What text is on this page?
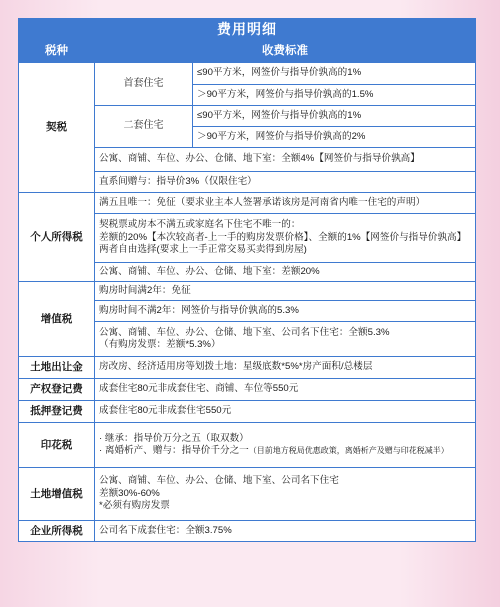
费用明细
税种	收费标准	
契税	首套住宅	≤90平方米，网签价与指导价孰高的1%
		＞90平方米，网签价与指导价孰高的1.5%
	二套住宅	≤90平方米，网签价与指导价孰高的1%
		＞90平方米，网签价与指导价孰高的2%
	公寓、商铺、车位、办公、仓储、地下室：全额4%【网签价与指导价孰高】	
	直系间赠与：指导价3%（仅限住宅）	
个人所得税	满五且唯一：免征（要求业主本人签署承诺该房是河南省内唯一住宅的声明）	
	契税票或房本不满五或家庭名下住宅不唯一的：
差额的20%【本次较高者-上一手的购房发票价格】、全额的1%【网签价与指导价孰高】两者自由选择(要求上一手正常交易买卖得到房屋)	
	公寓、商铺、车位、办公、仓储、地下室：差额20%	
增值税	购房时间满2年：免征	
	购房时间不满2年：网签价与指导价孰高的5.3%	
	公寓、商铺、车位、办公、仓储、地下室、公司名下住宅：全额5.3%
（有购房发票：差额*5.3%）	
土地出让金	房改房、经济适用房等划拨土地：星级底数*5%*房产面积/总楼层	
产权登记费	成套住宅80元非成套住宅、商铺、车位等550元	
抵押登记费	成套住宅80元非成套住宅550元	
印花税	· 继承：指导价万分之五（取双数）
· 离婚析产、赠与：指导价千分之一（目前地方税局优惠政策，离婚析产及赠与印花税减半）	

土地增值税	公寓、商铺、车位、办公、仓储、地下室、公司名下住宅
差额30%-60%
*必须有购房发票	
企业所得税	公司名下成套住宅：全额3.75%	
